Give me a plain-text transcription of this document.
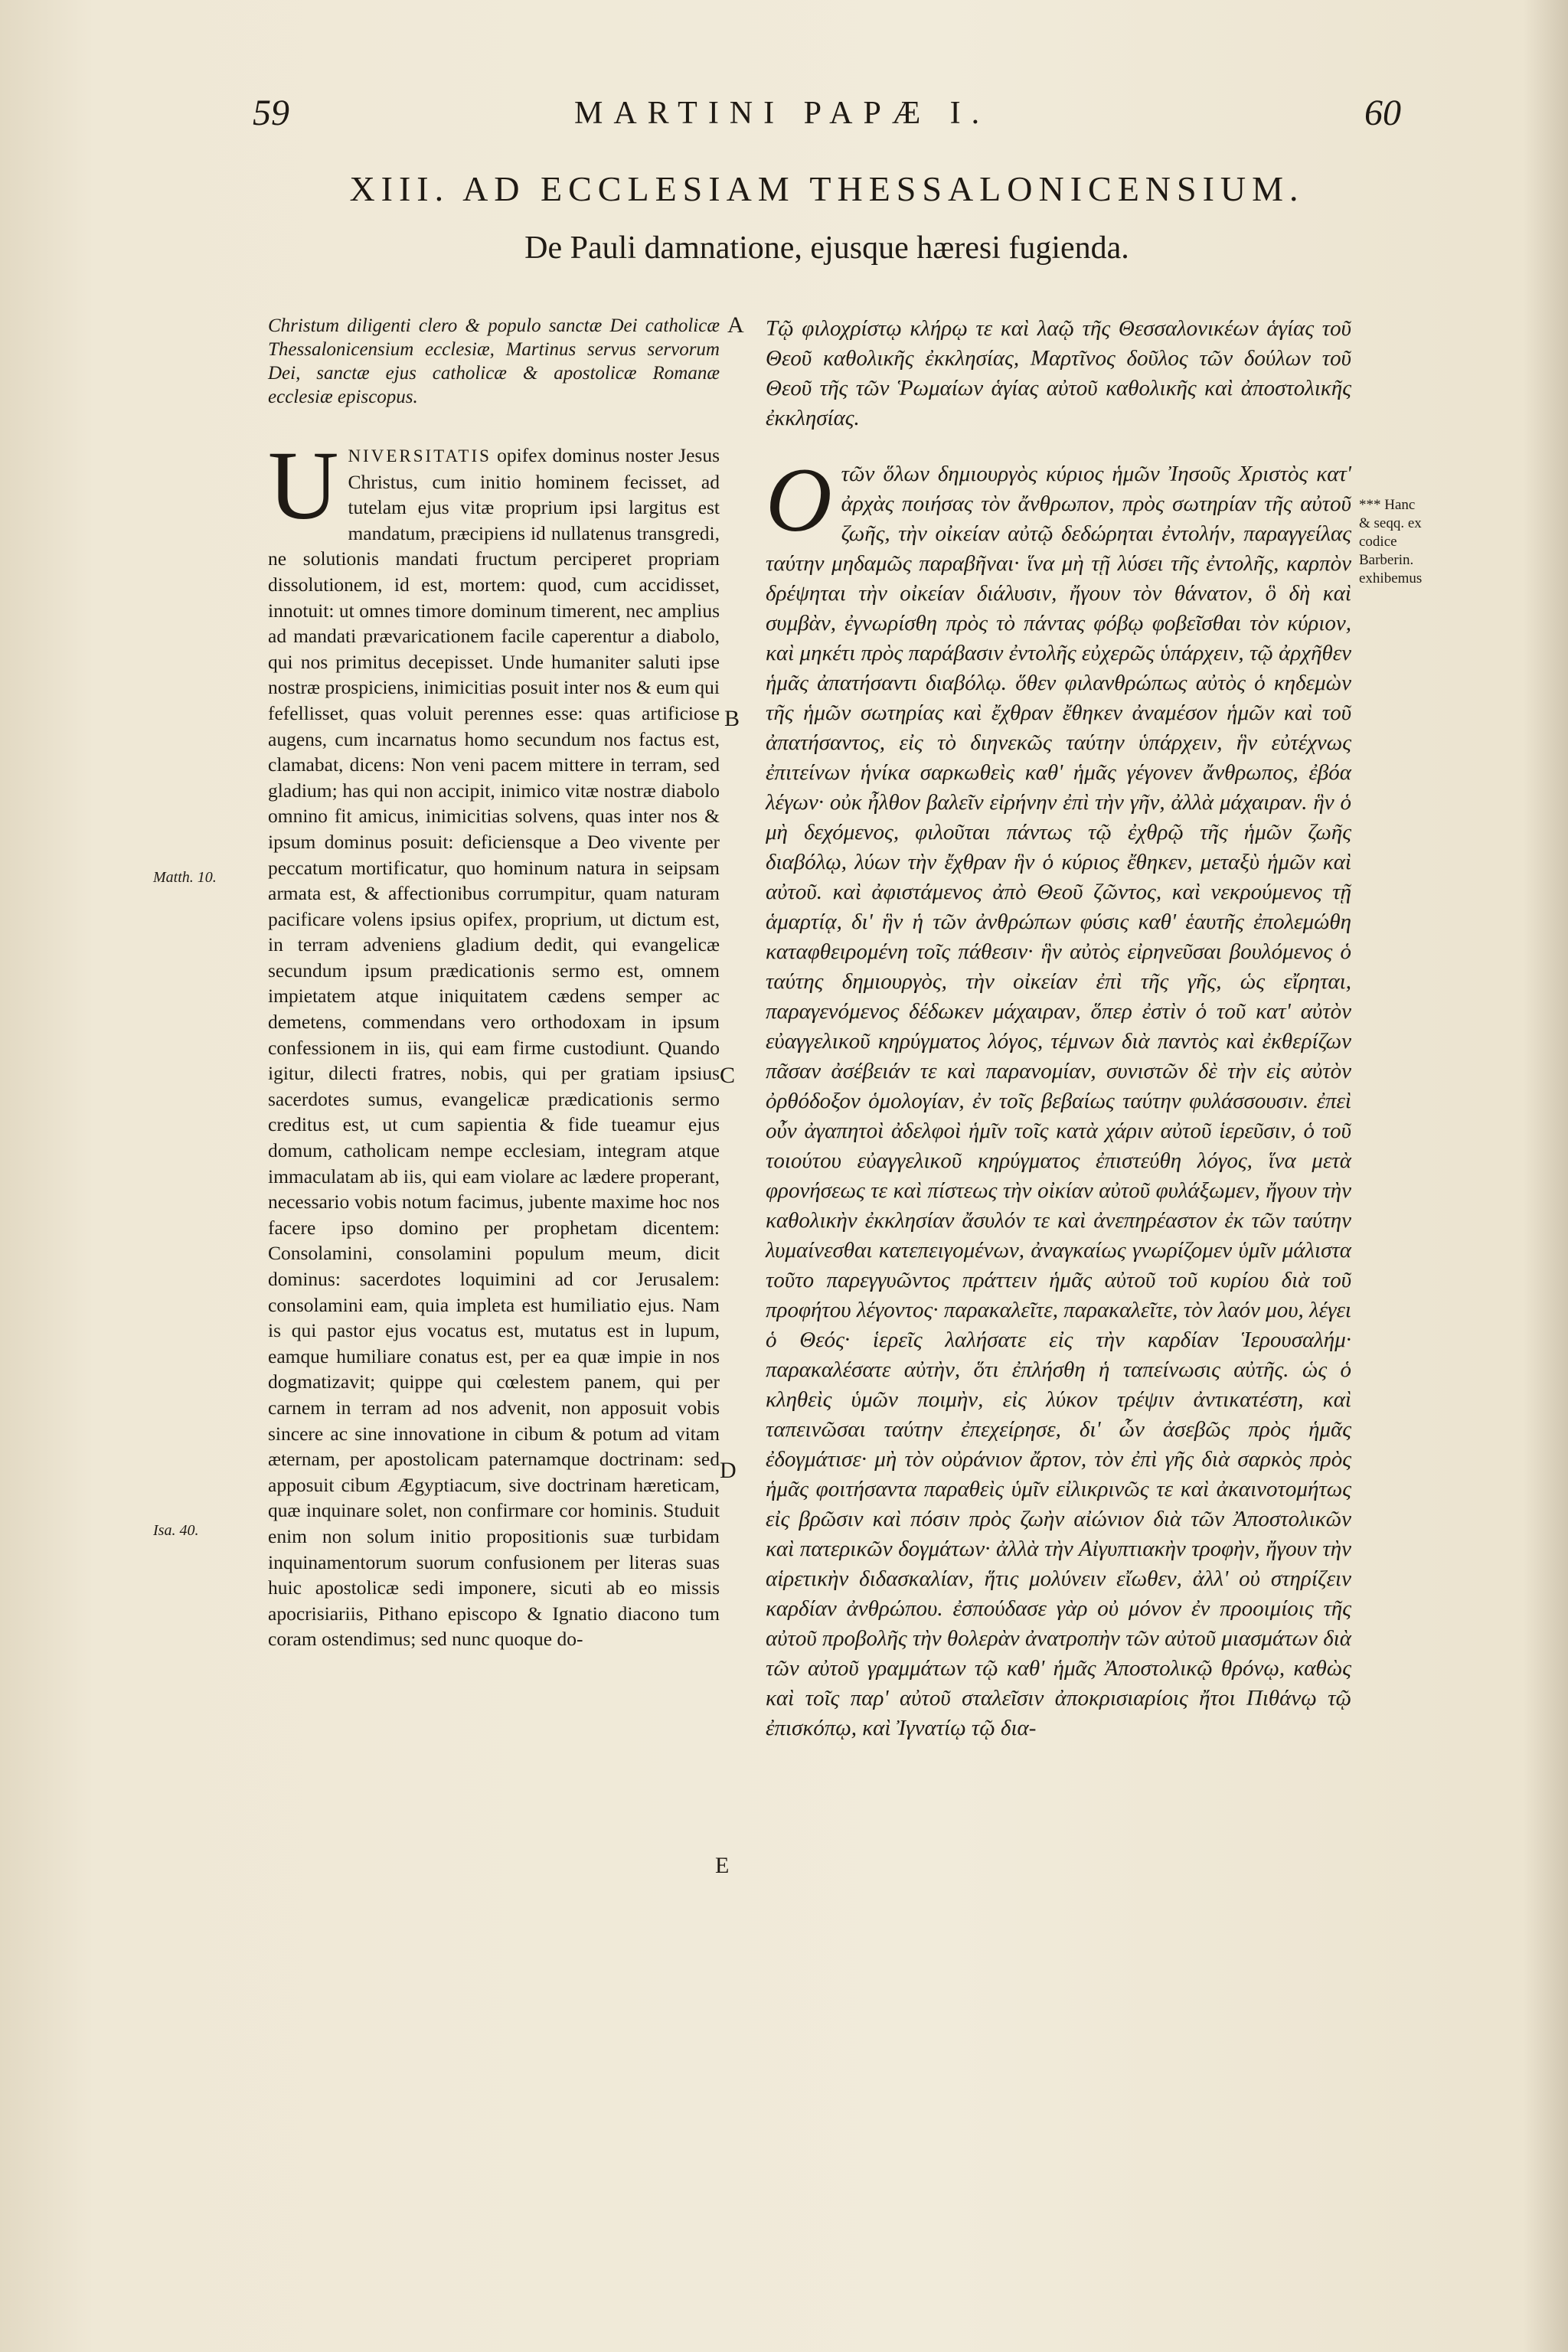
59	MARTINI PAPÆ I.	60
XIII. AD ECCLESIAM THESSALONICENSIUM.
De Pauli damnatione, ejusque hæresi fugienda.
Christum diligenti clero & populo sanctæ Dei catholicæ Thessalonicensium ecclesiæ, Martinus servus servorum Dei, sanctæ ejus catholicæ & apostolicæ Romanæ ecclesiæ episcopus.
U NIVERSITATIS opifex dominus noster Jesus Christus, cum initio hominem fecisset, ad tutelam ejus vitæ proprium ipsi largitus est mandatum, præcipiens id nullatenus transgredi, ne solutionis mandati fructum perciperet propriam dissolutionem, id est, mortem: quod, cum accidisset, innotuit: ut omnes timore dominum timerent, nec amplius ad mandati prævaricationem facile caperentur a diabolo, qui nos primitus decepisset. Unde humaniter saluti ipse nostræ prospiciens, inimicitias posuit inter nos & eum qui fefellisset, quas voluit perennes esse: quas artificiose augens, cum incarnatus homo secundum nos factus est, clamabat, dicens: Non veni pacem mittere in terram, sed gladium; has qui non accipit, inimico vitæ nostræ diabolo omnino fit amicus, inimicitias solvens, quas inter nos & ipsum dominus posuit: deficiensque a Deo vivente per peccatum mortificatur, quo hominum natura in seipsam armata est, & affectionibus corrumpitur, quam naturam pacificare volens ipsius opifex, proprium, ut dictum est, in terram adveniens gladium dedit, qui evangelicæ secundum ipsum prædicationis sermo est, omnem impietatem atque iniquitatem cædens semper ac demetens, commendans vero orthodoxam in ipsum confessionem in iis, qui eam firme custodiunt. Quando igitur, dilecti fratres, nobis, qui per gratiam ipsius sacerdotes sumus, evangelicæ prædicationis sermo creditus est, ut cum sapientia & fide tueamur ejus domum, catholicam nempe ecclesiam, integram atque immaculatam ab iis, qui eam violare ac lædere properant, necessario vobis notum facimus, jubente maxime hoc nos facere ipso domino per prophetam dicentem: Consolamini, consolamini populum meum, dicit dominus: sacerdotes loquimini ad cor Jerusalem: consolamini eam, quia impleta est humiliatio ejus. Nam is qui pastor ejus vocatus est, mutatus est in lupum, eamque humiliare conatus est, per ea quæ impie in nos dogmatizavit; quippe qui cœlestem panem, qui per carnem in terram ad nos advenit, non apposuit vobis sincere ac sine innovatione in cibum & potum ad vitam æternam, per apostolicam paternamque doctrinam: sed apposuit cibum Ægyptiacum, sive doctrinam hæreticam, quæ inquinare solet, non confirmare cor hominis. Studuit enim non solum initio propositionis suæ turbidam inquinamentorum suorum confusionem per literas suas huic apostolicæ sedi imponere, sicuti ab eo missis apocrisiariis, Pithano episcopo & Ignatio diacono tum coram ostendimus; sed nunc quoque do-
Τῷ φιλοχρίστῳ κλήρῳ τε καὶ λαῷ τῆς Θεσσαλονικέων ἁγίας τοῦ Θεοῦ καθολικῆς ἐκκλησίας, Μαρτῖνος δοῦλος τῶν δούλων τοῦ Θεοῦ τῆς τῶν Ῥωμαίων ἁγίας αὐτοῦ καθολικῆς καὶ ἀποστολικῆς ἐκκλησίας.
Ο τῶν ὅλων δημιουργὸς κύριος ἡμῶν Ἰησοῦς Χριστὸς κατ' ἀρχὰς ποιήσας τὸν ἄνθρωπον, πρὸς σωτηρίαν τῆς αὐτοῦ ζωῆς, τὴν οἰκείαν αὐτῷ δεδώρηται ἐντολήν, παραγγείλας ταύτην μηδαμῶς παραβῆναι· ἵνα μὴ τῇ λύσει τῆς ἐντολῆς, καρπὸν δρέψηται τὴν οἰκείαν διάλυσιν, ἤγουν τὸν θάνατον, ὃ δὴ καὶ συμβὰν, ἐγνωρίσθη πρὸς τὸ πάντας φόβῳ φοβεῖσθαι τὸν κύριον, καὶ μηκέτι πρὸς παράβασιν ἐντολῆς εὐχερῶς ὑπάρχειν, τῷ ἀρχῆθεν ἡμᾶς ἀπατήσαντι διαβόλῳ. ὅθεν φιλανθρώπως αὐτὸς ὁ κηδεμὼν τῆς ἡμῶν σωτηρίας καὶ ἔχθραν ἔθηκεν ἀναμέσον ἡμῶν καὶ τοῦ ἀπατήσαντος, εἰς τὸ διηνεκῶς ταύτην ὑπάρχειν, ἣν εὐτέχνως ἐπιτείνων ἡνίκα σαρκωθεὶς καθ' ἡμᾶς γέγονεν ἄνθρωπος, ἐβόα λέγων· οὐκ ἦλθον βαλεῖν εἰρήνην ἐπὶ τὴν γῆν, ἀλλὰ μάχαιραν. ἣν ὁ μὴ δεχόμενος, φιλοῦται πάντως τῷ ἐχθρῷ τῆς ἡμῶν ζωῆς διαβόλῳ, λύων τὴν ἔχθραν ἣν ὁ κύριος ἔθηκεν, μεταξὺ ἡμῶν καὶ αὐτοῦ. καὶ ἀφιστάμενος ἀπὸ Θεοῦ ζῶντος, καὶ νεκρούμενος τῇ ἁμαρτίᾳ, δι' ἣν ἡ τῶν ἀνθρώπων φύσις καθ' ἑαυτῆς ἐπολεμώθη καταφθειρομένη τοῖς πάθεσιν· ἣν αὐτὸς εἰρηνεῦσαι βουλόμενος ὁ ταύτης δημιουργὸς, τὴν οἰκείαν ἐπὶ τῆς γῆς, ὡς εἴρηται, παραγενόμενος δέδωκεν μάχαιραν, ὅπερ ἐστὶν ὁ τοῦ κατ' αὐτὸν εὐαγγελικοῦ κηρύγματος λόγος, τέμνων διὰ παντὸς καὶ ἐκθερίζων πᾶσαν ἀσέβειάν τε καὶ παρανομίαν, συνιστῶν δὲ τὴν εἰς αὐτὸν ὀρθόδοξον ὁμολογίαν, ἐν τοῖς βεβαίως ταύτην φυλάσσουσιν. ἐπεὶ οὖν ἀγαπητοὶ ἀδελφοὶ ἡμῖν τοῖς κατὰ χάριν αὐτοῦ ἱερεῦσιν, ὁ τοῦ τοιούτου εὐαγγελικοῦ κηρύγματος ἐπιστεύθη λόγος, ἵνα μετὰ φρονήσεως τε καὶ πίστεως τὴν οἰκίαν αὐτοῦ φυλάξωμεν, ἤγουν τὴν καθολικὴν ἐκκλησίαν ἄσυλόν τε καὶ ἀνεπηρέαστον ἐκ τῶν ταύτην λυμαίνεσθαι κατεπειγομένων, ἀναγκαίως γνωρίζομεν ὑμῖν μάλιστα τοῦτο παρεγγυῶντος πράττειν ἡμᾶς αὐτοῦ τοῦ κυρίου διὰ τοῦ προφήτου λέγοντος· παρακαλεῖτε, παρακαλεῖτε, τὸν λαόν μου, λέγει ὁ Θεός· ἱερεῖς λαλήσατε εἰς τὴν καρδίαν Ἱερουσαλήμ· παρακαλέσατε αὐτὴν, ὅτι ἐπλήσθη ἡ ταπείνωσις αὐτῆς. ὡς ὁ κληθεὶς ὑμῶν ποιμὴν, εἰς λύκον τρέψιν ἀντικατέστη, καὶ ταπεινῶσαι ταύτην ἐπεχείρησε, δι' ὧν ἀσεβῶς πρὸς ἡμᾶς ἐδογμάτισε· μὴ τὸν οὐράνιον ἄρτον, τὸν ἐπὶ γῆς διὰ σαρκὸς πρὸς ἡμᾶς φοιτήσαντα παραθεὶς ὑμῖν εἰλικρινῶς τε καὶ ἀκαινοτομήτως εἰς βρῶσιν καὶ πόσιν πρὸς ζωὴν αἰώνιον διὰ τῶν Ἀποστολικῶν καὶ πατερικῶν δογμάτων· ἀλλὰ τὴν Αἰγυπτιακὴν τροφὴν, ἤγουν τὴν αἱρετικὴν διδασκαλίαν, ἥτις μολύνειν εἴωθεν, ἀλλ' οὐ στηρίζειν καρδίαν ἀνθρώπου. ἐσπούδασε γὰρ οὐ μόνον ἐν προοιμίοις τῆς αὐτοῦ προβολῆς τὴν θολερὰν ἀνατροπὴν τῶν αὐτοῦ μιασμάτων διὰ τῶν αὐτοῦ γραμμάτων τῷ καθ' ἡμᾶς Ἀποστολικῷ θρόνῳ, καθὼς καὶ τοῖς παρ' αὐτοῦ σταλεῖσιν ἀποκρισιαρίοις ἤτοι Πιθάνῳ τῷ ἐπισκόπῳ, καὶ Ἰγνατίῳ τῷ δια-
A
B
C
D
E
Matth. 10.
Isa. 40.
*** Hanc & seqq. ex codice Barberin. exhibemus
